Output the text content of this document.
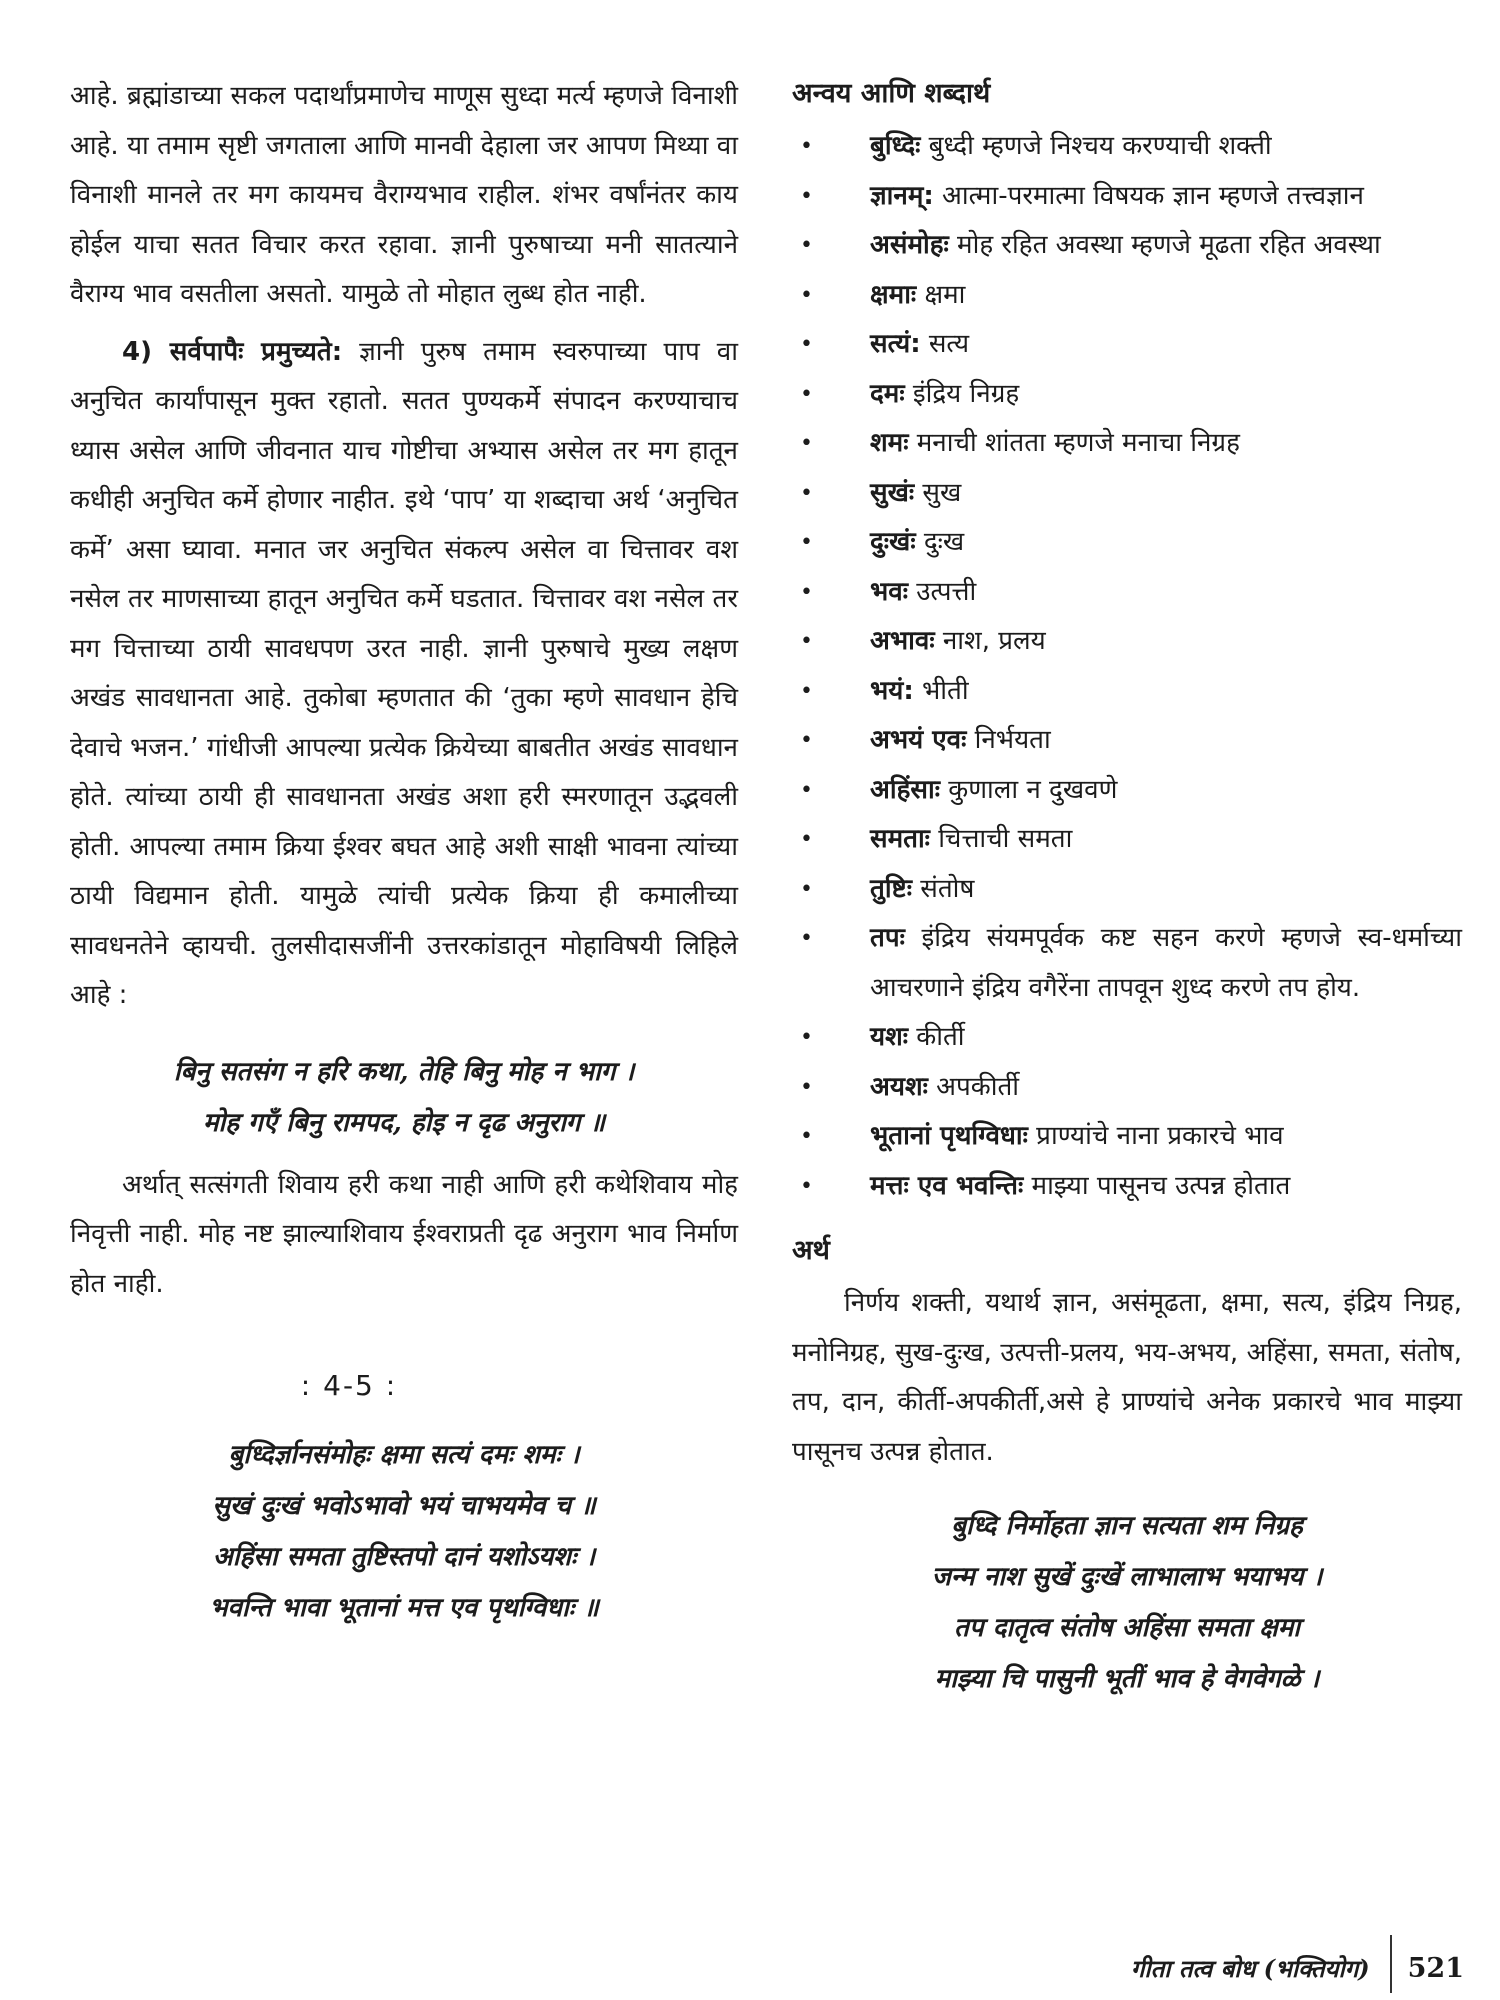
आहे. ब्रह्मांडाच्या सकल पदार्थांप्रमाणेच माणूस सुध्दा मर्त्य म्हणजे विनाशी आहे. या तमाम सृष्टी जगताला आणि मानवी देहाला जर आपण मिथ्या वा विनाशी मानले तर मग कायमच वैराग्यभाव राहील. शंभर वर्षांनंतर काय होईल याचा सतत विचार करत रहावा. ज्ञानी पुरुषाच्या मनी सातत्याने वैराग्य भाव वसतीला असतो. यामुळे तो मोहात लुब्ध होत नाही.

4) सर्वपापैः प्रमुच्यते: ज्ञानी पुरुष तमाम स्वरुपाच्या पाप वा अनुचित कार्यांपासून मुक्त रहातो. सतत पुण्यकर्मे संपादन करण्याचाच ध्यास असेल आणि जीवनात याच गोष्टीचा अभ्यास असेल तर मग हातून कधीही अनुचित कर्मे होणार नाहीत. इथे ‘पाप’ या शब्दाचा अर्थ ‘अनुचित कर्मे’ असा घ्यावा. मनात जर अनुचित संकल्प असेल वा चित्तावर वश नसेल तर माणसाच्या हातून अनुचित कर्मे घडतात. चित्तावर वश नसेल तर मग चित्ताच्या ठायी सावधपण उरत नाही. ज्ञानी पुरुषाचे मुख्य लक्षण अखंड सावधानता आहे. तुकोबा म्हणतात की ‘तुका म्हणे सावधान हेचि देवाचे भजन.’ गांधीजी आपल्या प्रत्येक क्रियेच्या बाबतीत अखंड सावधान होते. त्यांच्या ठायी ही सावधानता अखंड अशा हरी स्मरणातून उद्भवली होती. आपल्या तमाम क्रिया ईश्वर बघत आहे अशी साक्षी भावना त्यांच्या ठायी विद्यमान होती. यामुळे त्यांची प्रत्येक क्रिया ही कमालीच्या सावधनतेने व्हायची. तुलसीदासजींनी उत्तरकांडातून मोहाविषयी लिहिले आहे :

बिनु सतसंग न हरि कथा, तेहि बिनु मोह न भाग ।
मोह गएँ बिनु रामपद, होइ न दृढ अनुराग ॥

अर्थात् सत्संगती शिवाय हरी कथा नाही आणि हरी कथेशिवाय मोह निवृत्ती नाही. मोह नष्ट झाल्याशिवाय ईश्वराप्रती दृढ अनुराग भाव निर्माण होत नाही.

: 4-5 :
बुध्दिर्ज्ञानसंमोहः क्षमा सत्यं दमः शमः ।
सुखं दुःखं भवोऽभावो भयं चाभयमेव च ॥
अहिंसा समता तुष्टिस्तपो दानं यशोऽयशः ।
भवन्ति भावा भूतानां मत्त एव पृथग्विधाः ॥
अन्वय आणि शब्दार्थ
• बुध्दिः बुध्दी म्हणजे निश्चय करण्याची शक्ती
• ज्ञानम्: आत्मा-परमात्मा विषयक ज्ञान म्हणजे तत्त्वज्ञान
• असंमोहः मोह रहित अवस्था म्हणजे मूढता रहित अवस्था
• क्षमाः क्षमा
• सत्यं: सत्य
• दमः इंद्रिय निग्रह
• शमः मनाची शांतता म्हणजे मनाचा निग्रह
• सुखंः सुख
• दुःखंः दुःख
• भवः उत्पत्ती
• अभावः नाश, प्रलय
• भयं: भीती
• अभयं एवः निर्भयता
• अहिंसाः कुणाला न दुखवणे
• समताः चित्ताची समता
• तुष्टिः संतोष
• तपः इंद्रिय संयमपूर्वक कष्ट सहन करणे म्हणजे स्व-धर्माच्या आचरणाने इंद्रिय वगैरेंना तापवून शुध्द करणे तप होय.
• यशः कीर्ती
• अयशः अपकीर्ती
• भूतानां पृथग्विधाः प्राण्यांचे नाना प्रकारचे भाव
• मत्तः एव भवन्तिः माझ्या पासूनच उत्पन्न होतात
अर्थ

निर्णय शक्ती, यथार्थ ज्ञान, असंमूढता, क्षमा, सत्य, इंद्रिय निग्रह, मनोनिग्रह, सुख-दुःख, उत्पत्ती-प्रलय, भय-अभय, अहिंसा, समता, संतोष, तप, दान, कीर्ती-अपकीर्ती,असे हे प्राण्यांचे अनेक प्रकारचे भाव माझ्या पासूनच उत्पन्न होतात.

बुध्दि निर्मोहता ज्ञान सत्यता शम निग्रह
जन्म नाश सुखें दुःखें लाभालाभ भयाभय ।
तप दातृत्व संतोष अहिंसा समता क्षमा
माझ्या चि पासुनी भूतीं भाव हे वेगवेगळे ।
गीता तत्व बोध (भक्तियोग)	521
